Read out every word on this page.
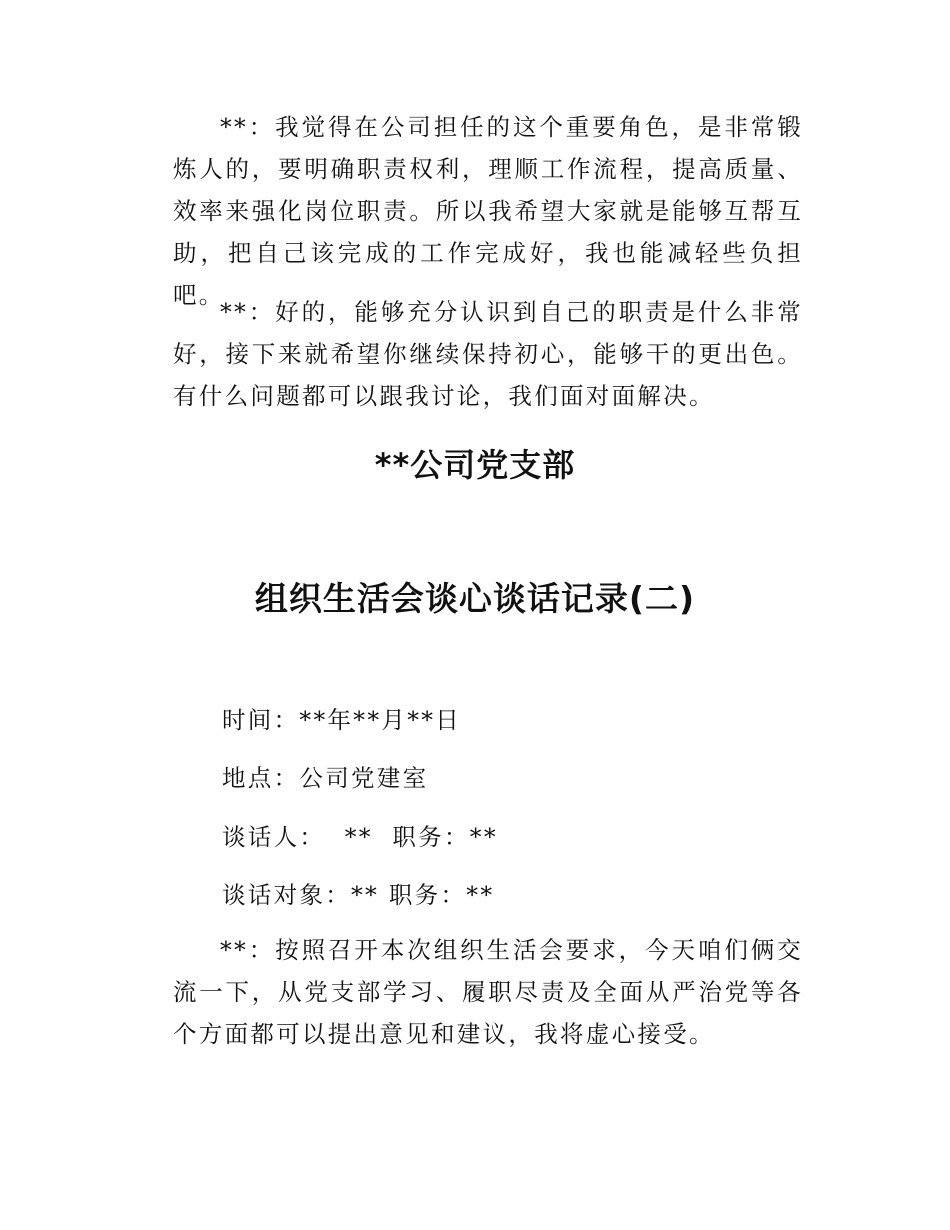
**：我觉得在公司担任的这个重要角色，是非常锻炼人的，要明确职责权利，理顺工作流程，提高质量、效率来强化岗位职责。所以我希望大家就是能够互帮互助，把自己该完成的工作完成好，我也能减轻些负担吧。

**：好的，能够充分认识到自己的职责是什么非常好，接下来就希望你继续保持初心，能够干的更出色。有什么问题都可以跟我讨论，我们面对面解决。

**公司党支部
组织生活会谈心谈话记录(二)

时间：**年**月**日

地点：公司党建室

谈话人：  **  职务：**

谈话对象：** 职务：**

**：按照召开本次组织生活会要求，今天咱们俩交流一下，从党支部学习、履职尽责及全面从严治党等各个方面都可以提出意见和建议，我将虚心接受。
